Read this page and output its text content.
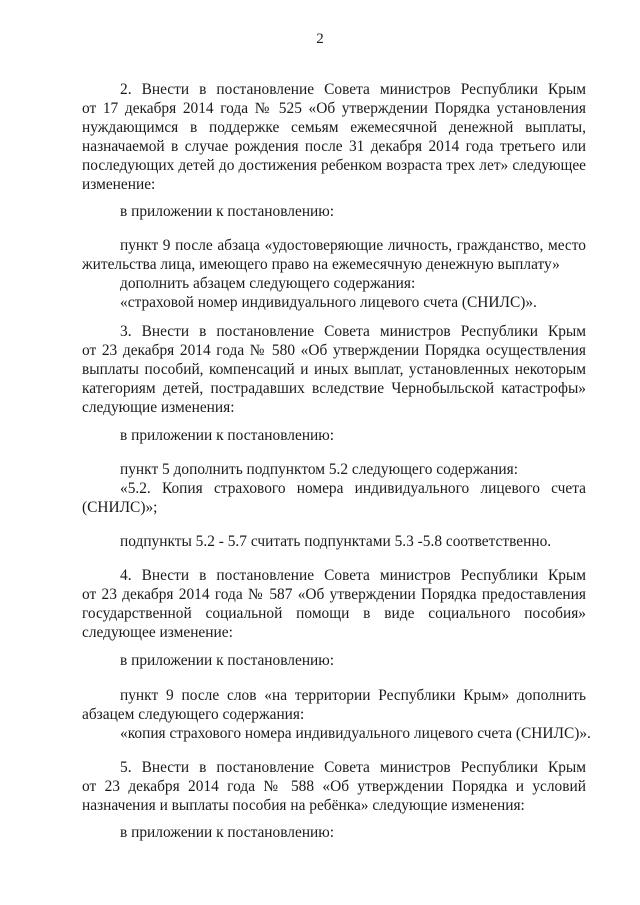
2
2. Внести в постановление Совета министров Республики Крым
от 17 декабря 2014 года № 525 «Об утверждении Порядка установления
нуждающимся в поддержке семьям ежемесячной денежной выплаты,
назначаемой в случае рождения после 31 декабря 2014 года третьего или
последующих детей до достижения ребенком возраста трех лет» следующее
изменение:
в приложении к постановлению:
пункт 9 после абзаца «удостоверяющие личность, гражданство, место
жительства лица, имеющего право на ежемесячную денежную выплату»
дополнить абзацем следующего содержания:
«страховой номер индивидуального лицевого счета (СНИЛС)».
3. Внести в постановление Совета министров Республики Крым
от 23 декабря 2014 года № 580 «Об утверждении Порядка осуществления
выплаты пособий, компенсаций и иных выплат, установленных некоторым
категориям детей, пострадавших вследствие Чернобыльской катастрофы»
следующие изменения:
в приложении к постановлению:
пункт 5 дополнить подпунктом 5.2 следующего содержания:
«5.2. Копия страхового номера индивидуального лицевого счета
(СНИЛС)»;
подпункты 5.2 - 5.7 считать подпунктами 5.3 -5.8 соответственно.
4. Внести в постановление Совета министров Республики Крым
от 23 декабря 2014 года № 587 «Об утверждении Порядка предоставления
государственной социальной помощи в виде социального пособия»
следующее изменение:
в приложении к постановлению:
пункт 9 после слов «на территории Республики Крым» дополнить
абзацем следующего содержания:
«копия страхового номера индивидуального лицевого счета (СНИЛС)».
5. Внести в постановление Совета министров Республики Крым
от 23 декабря 2014 года № 588 «Об утверждении Порядка и условий
назначения и выплаты пособия на ребёнка» следующие изменения:
в приложении к постановлению:
